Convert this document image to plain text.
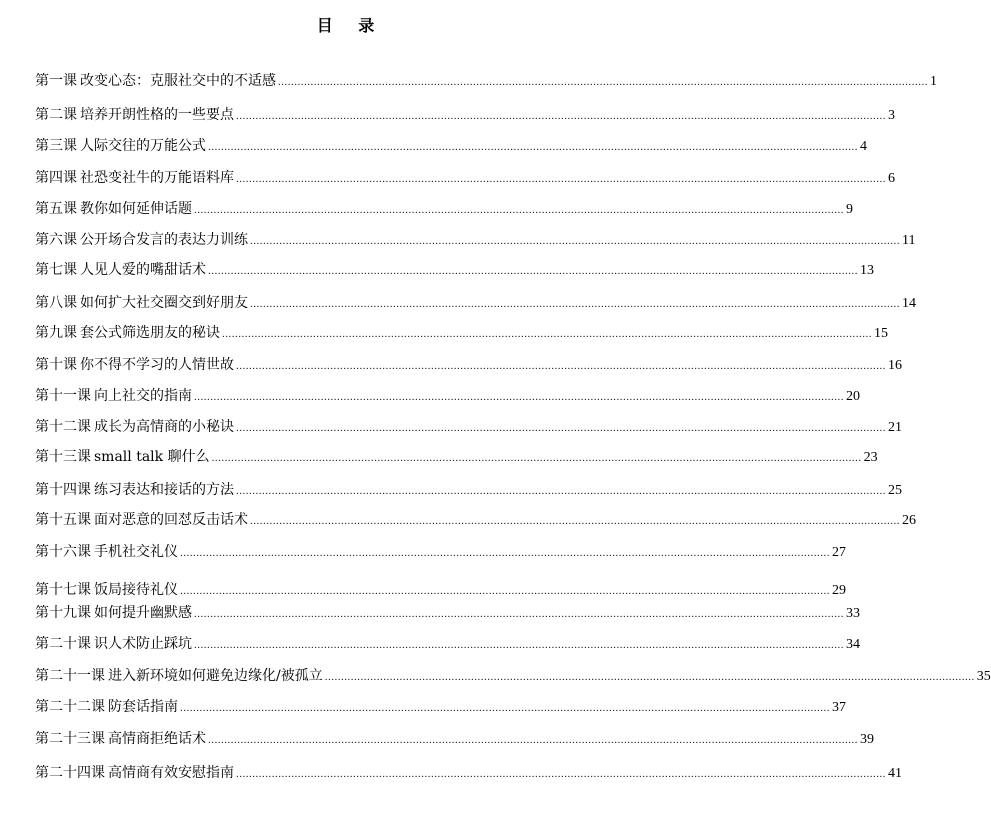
目 录
第一课 改变心态：克服社交中的不适感 ........................................................................................................................................................................................................ 1
第二课 培养开朗性格的一些要点 ........................................................................................................................................................................................................ 3
第三课 人际交往的万能公式 ........................................................................................................................................................................................................ 4
第四课 社恐变社牛的万能语料库 ........................................................................................................................................................................................................ 6
第五课 教你如何延伸话题 ........................................................................................................................................................................................................ 9
第六课 公开场合发言的表达力训练 ........................................................................................................................................................................................................ 11
第七课 人见人爱的嘴甜话术 ........................................................................................................................................................................................................ 13
第八课 如何扩大社交圈交到好朋友 ........................................................................................................................................................................................................ 14
第九课 套公式筛选朋友的秘诀 ........................................................................................................................................................................................................ 15
第十课 你不得不学习的人情世故 ........................................................................................................................................................................................................ 16
第十一课 向上社交的指南 ........................................................................................................................................................................................................ 20
第十二课 成长为高情商的小秘诀 ........................................................................................................................................................................................................ 21
第十三课 small talk 聊什么 ........................................................................................................................................................................................................ 23
第十四课 练习表达和接话的方法 ........................................................................................................................................................................................................ 25
第十五课 面对恶意的回怼反击话术 ........................................................................................................................................................................................................ 26
第十六课 手机社交礼仪 ........................................................................................................................................................................................................ 27
第十七课 饭局接待礼仪 ........................................................................................................................................................................................................ 29
第十九课 如何提升幽默感 ........................................................................................................................................................................................................ 33
第二十课 识人术防止踩坑 ........................................................................................................................................................................................................ 34
第二十一课 进入新环境如何避免边缘化/被孤立 ........................................................................................................................................................................................................ 35
第二十二课 防套话指南 ........................................................................................................................................................................................................ 37
第二十三课 高情商拒绝话术 ........................................................................................................................................................................................................ 39
第二十四课 高情商有效安慰指南 ........................................................................................................................................................................................................ 41
